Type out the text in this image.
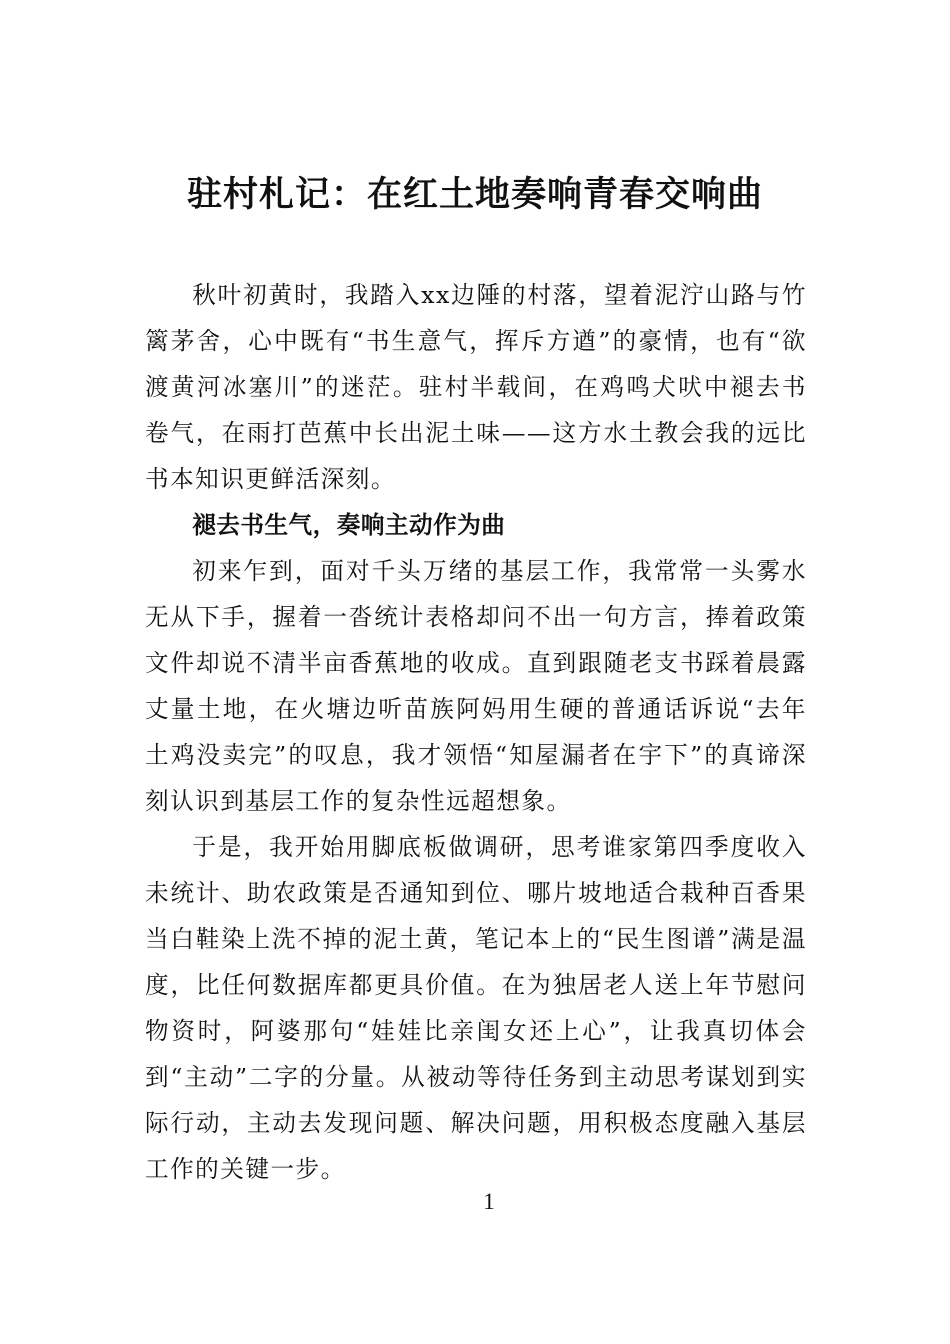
驻村札记：在红土地奏响青春交响曲

秋叶初黄时，我踏入xx边陲的村落，望着泥泞山路与竹篱茅舍，心中既有“书生意气，挥斥方遒”的豪情，也有“欲渡黄河冰塞川”的迷茫。驻村半载间，在鸡鸣犬吠中褪去书卷气，在雨打芭蕉中长出泥土味——这方水土教会我的远比书本知识更鲜活深刻。

褪去书生气，奏响主动作为曲

初来乍到，面对千头万绪的基层工作，我常常一头雾水无从下手，握着一沓统计表格却问不出一句方言，捧着政策文件却说不清半亩香蕉地的收成。直到跟随老支书踩着晨露丈量土地，在火塘边听苗族阿妈用生硬的普通话诉说“去年土鸡没卖完”的叹息，我才领悟“知屋漏者在宇下”的真谛深刻认识到基层工作的复杂性远超想象。

于是，我开始用脚底板做调研，思考谁家第四季度收入未统计、助农政策是否通知到位、哪片坡地适合栽种百香果当白鞋染上洗不掉的泥土黄，笔记本上的“民生图谱”满是温度，比任何数据库都更具价值。在为独居老人送上年节慰问物资时，阿婆那句“娃娃比亲闺女还上心”，让我真切体会到“主动”二字的分量。从被动等待任务到主动思考谋划到实际行动，主动去发现问题、解决问题，用积极态度融入基层工作的关键一步。

1
